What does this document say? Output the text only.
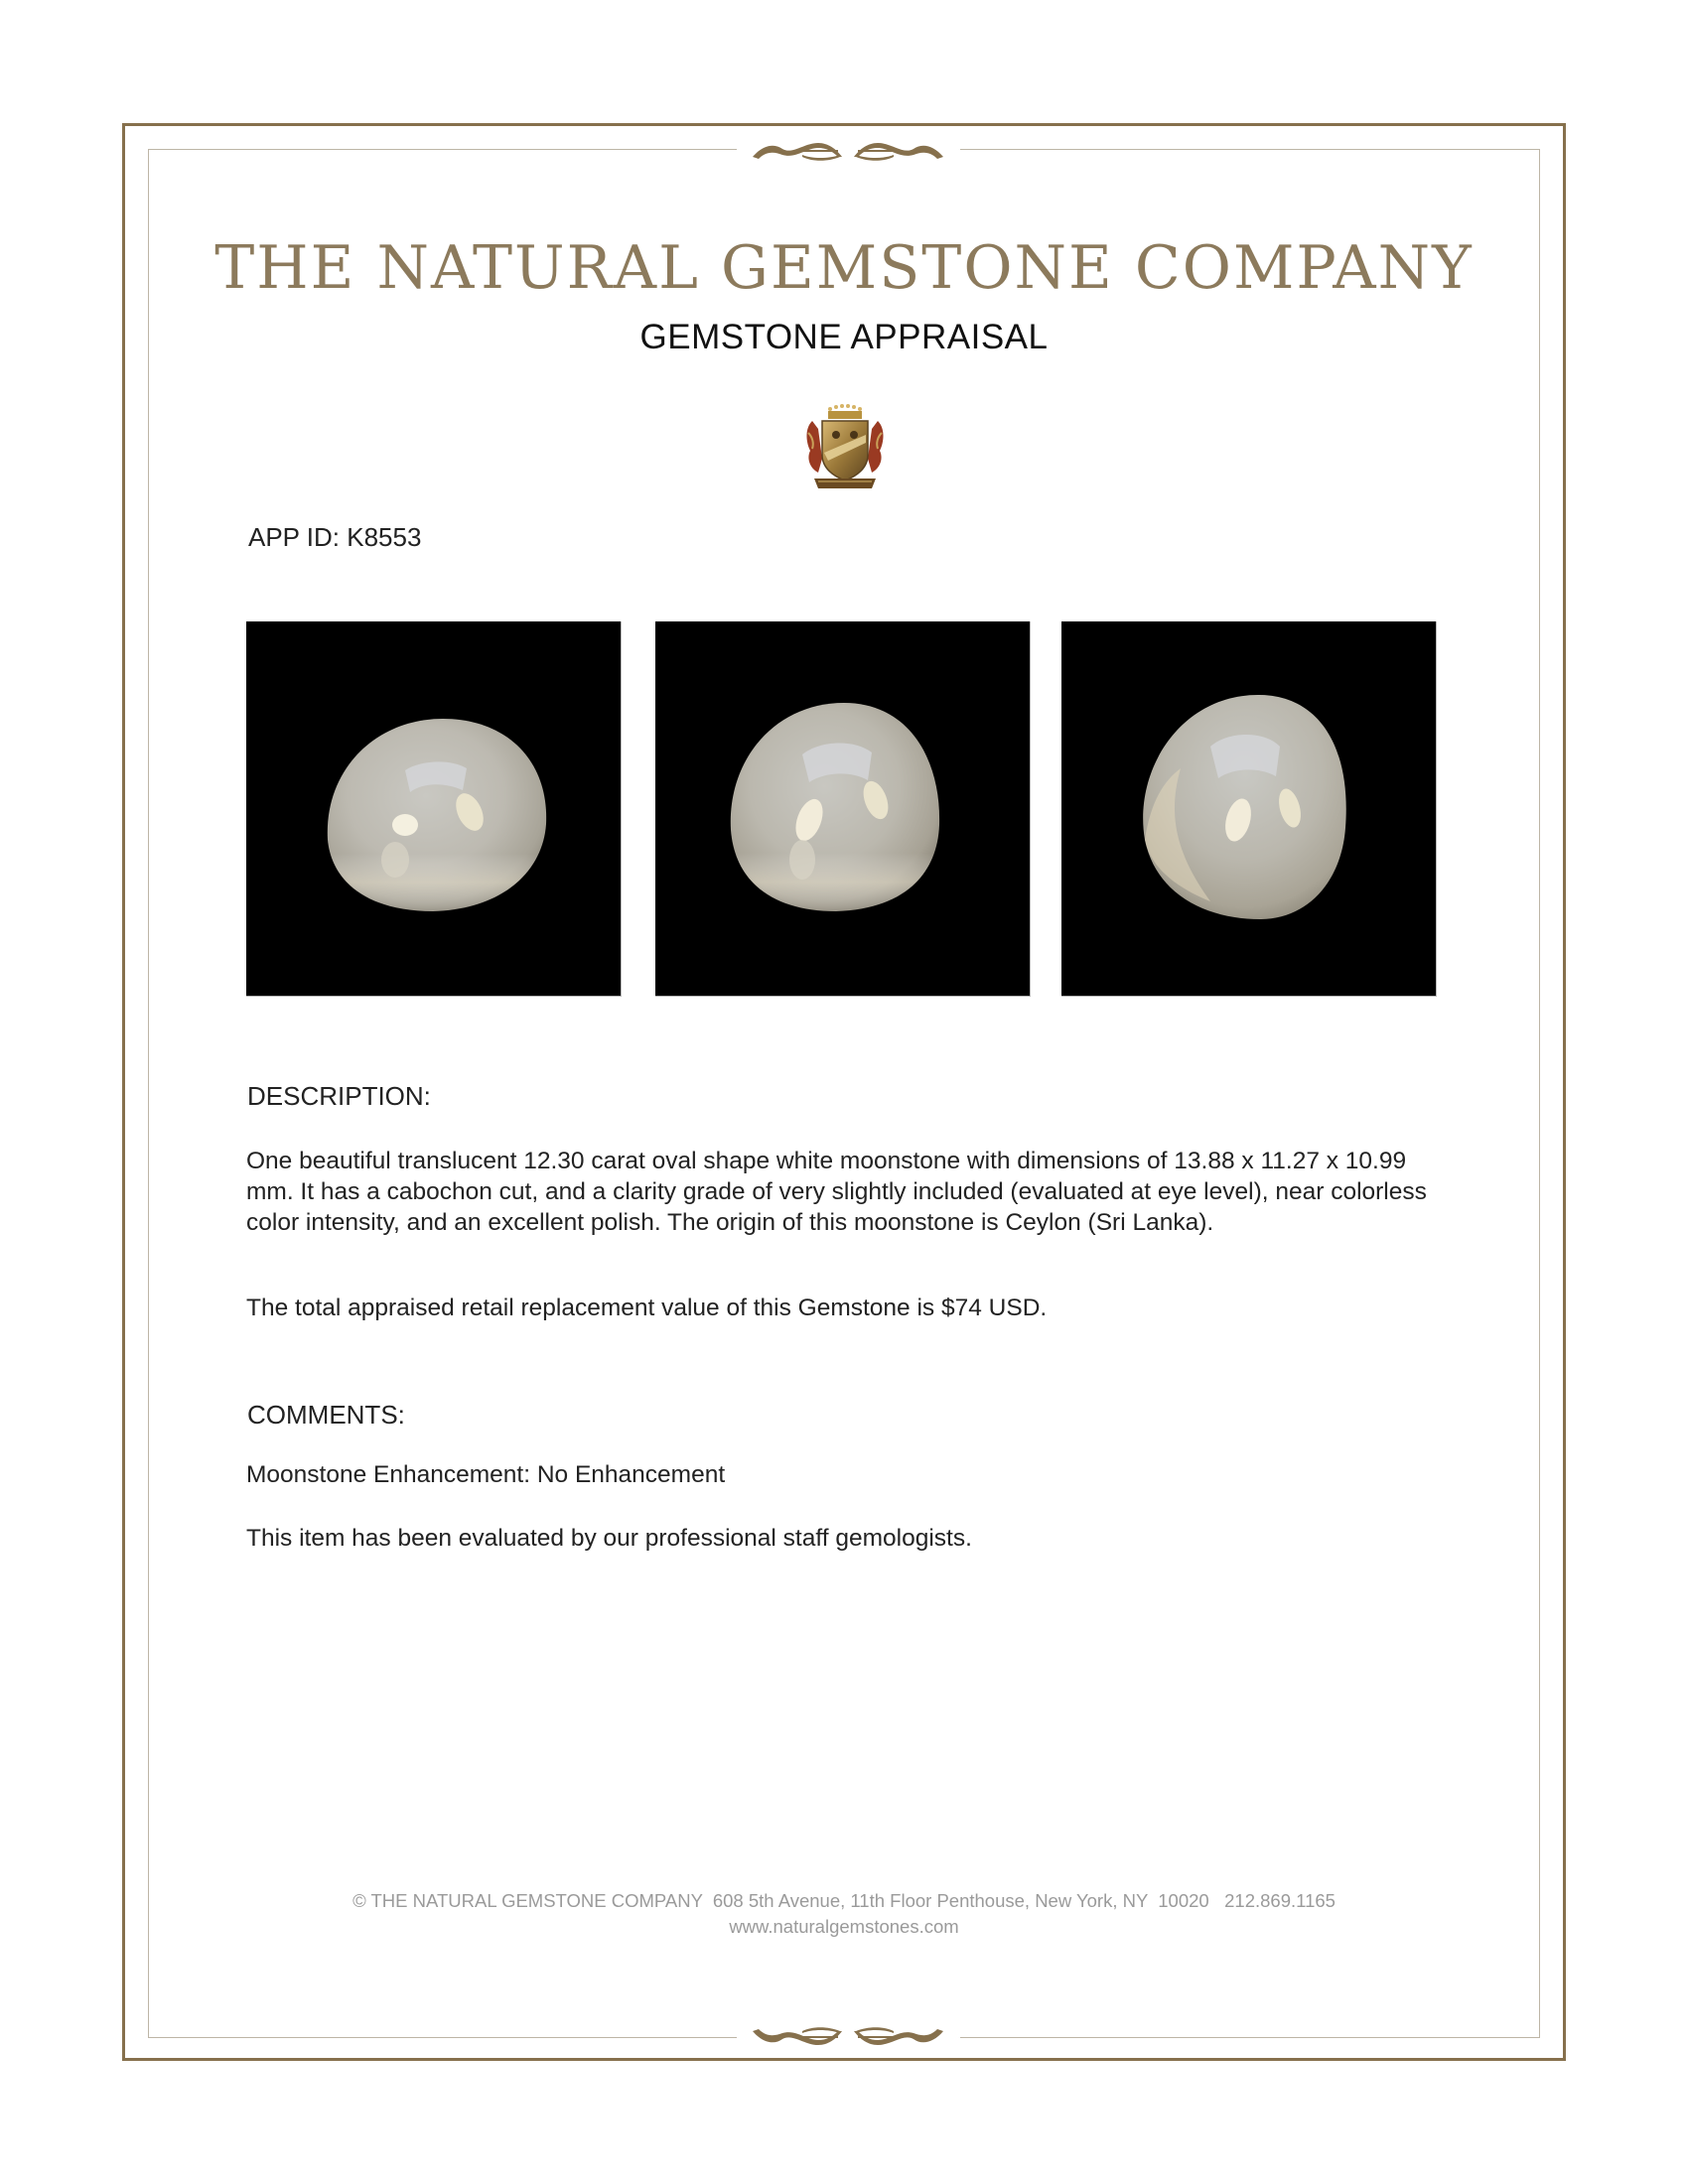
THE NATURAL GEMSTONE COMPANY
GEMSTONE APPRAISAL
APP ID: K8553
DESCRIPTION:
One beautiful translucent 12.30 carat oval shape white moonstone with dimensions of 13.88 x 11.27 x 10.99 mm. It has a cabochon cut, and a clarity grade of very slightly included (evaluated at eye level), near colorless color intensity, and an excellent polish. The origin of this moonstone is Ceylon (Sri Lanka).
The total appraised retail replacement value of this Gemstone is $74 USD.
COMMENTS:
Moonstone Enhancement: No Enhancement
This item has been evaluated by our professional staff gemologists.
© THE NATURAL GEMSTONE COMPANY  608 5th Avenue, 11th Floor Penthouse, New York, NY  10020   212.869.1165
www.naturalgemstones.com
